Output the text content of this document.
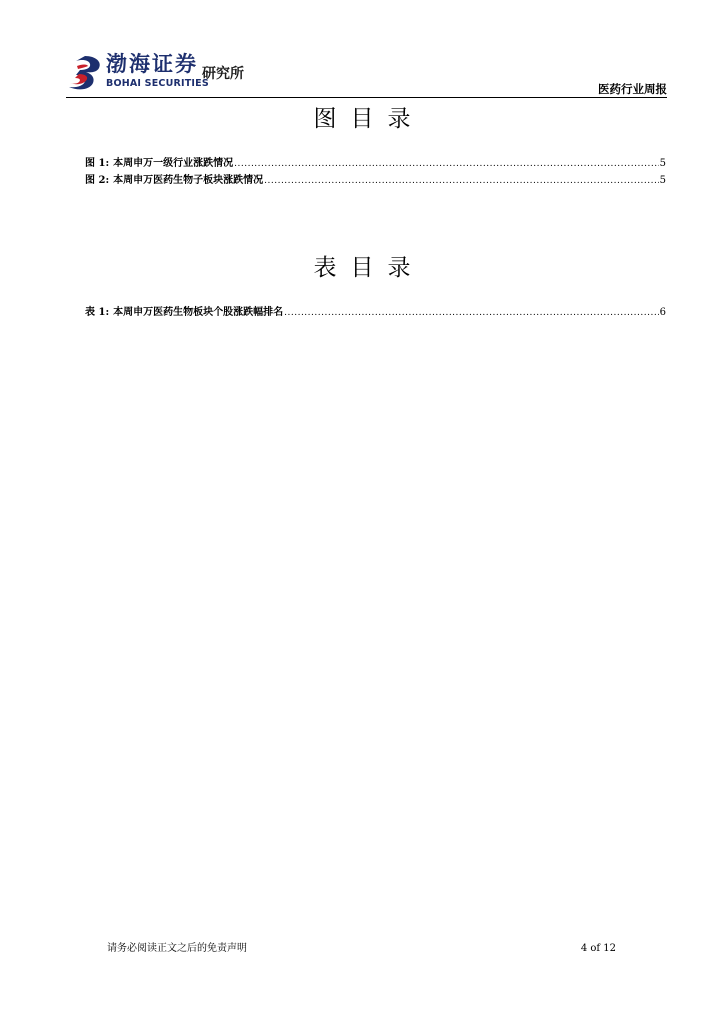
渤海证券
BOHAI SECURITIES
研究所
医药行业周报
图目录
图 1: 本周申万一级行业涨跌情况 .....	5
图 2: 本周申万医药生物子板块涨跌情况 .....	5
表目录
表 1: 本周申万医药生物板块个股涨跌幅排名 .....	6
请务必阅读正文之后的免责声明	4 of 12
